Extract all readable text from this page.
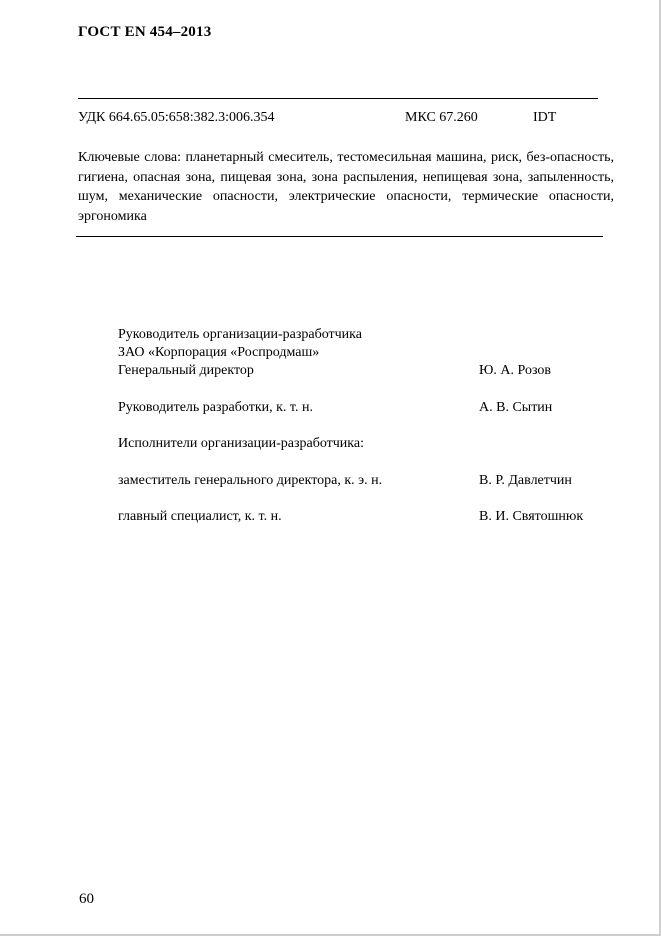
ГОСТ EN 454–2013
УДК 664.65.05:658:382.3:006.354	МКС 67.260	IDT
Ключевые слова: планетарный смеситель, тестомесильная машина, риск, без-опасность, гигиена, опасная зона, пищевая зона, зона распыления, непищевая зона, запыленность, шум, механические опасности, электрические опасности, термические опасности, эргономика
Руководитель организации-разработчика
ЗАО «Корпорация «Роспродмаш»
Генеральный директор	Ю. А. Розов
Руководитель разработки, к. т. н.	А. В. Сытин
Исполнители организации-разработчика:
заместитель генерального директора, к. э. н.	В. Р. Давлетчин
главный специалист, к. т. н.	В. И. Святошнюк
60
